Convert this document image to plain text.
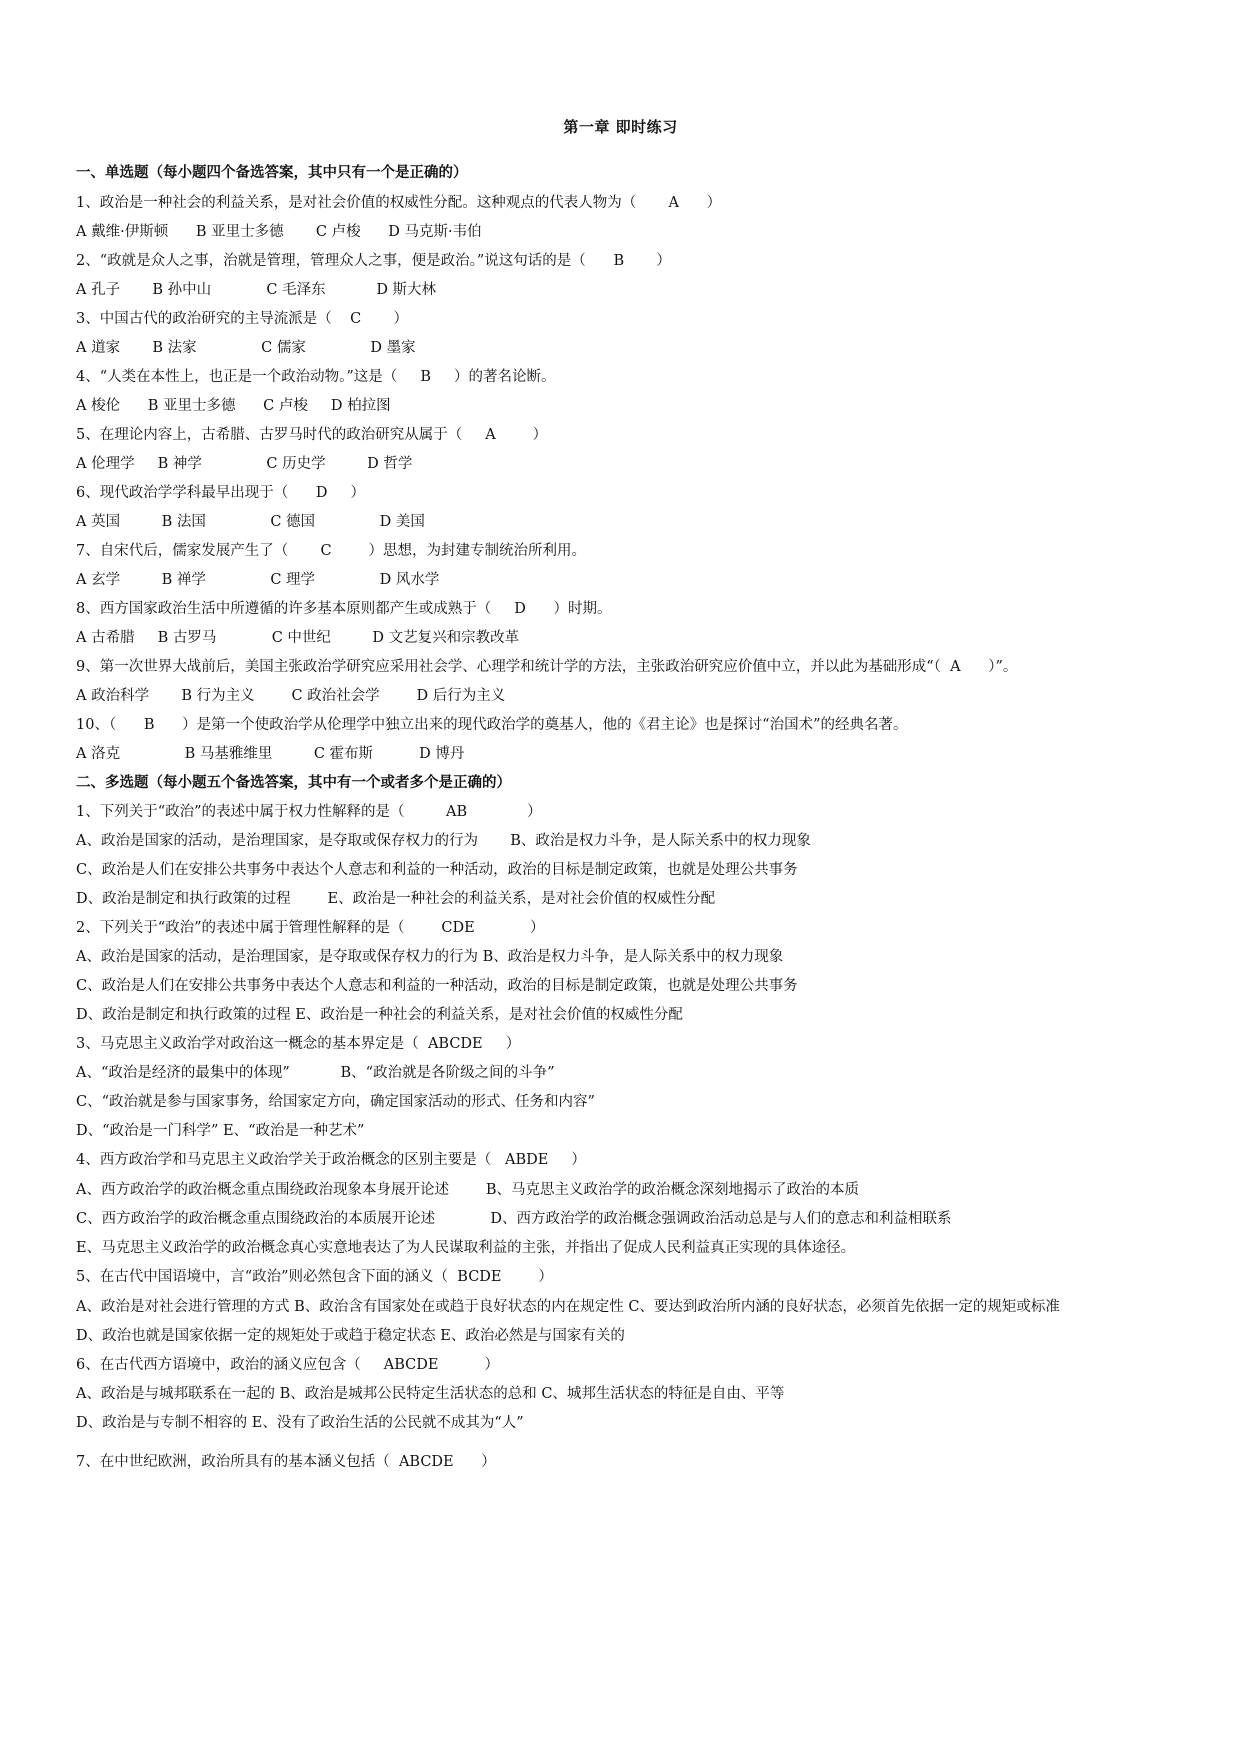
第一章 即时练习
一、单选题（每小题四个备选答案，其中只有一个是正确的）
1、政治是一种社会的利益关系，是对社会价值的权威性分配。这种观点的代表人物为（       A      ）
A 戴维·伊斯顿      B 亚里士多德       C 卢梭      D 马克斯·韦伯
2、“政就是众人之事，治就是管理，管理众人之事，便是政治。”说这句话的是（      B       ）
A 孔子       B 孙中山            C 毛泽东           D 斯大林
3、中国古代的政治研究的主导流派是（    C       ）
A 道家       B 法家              C 儒家              D 墨家
4、“人类在本性上，也正是一个政治动物。”这是（     B     ）的著名论断。
A 梭伦      B 亚里士多德      C 卢梭     D 柏拉图
5、在理论内容上，古希腊、古罗马时代的政治研究从属于（     A        ）
A 伦理学     B 神学              C 历史学         D 哲学
6、现代政治学学科最早出现于（      D     ）
A 英国         B 法国              C 德国              D 美国
7、自宋代后，儒家发展产生了（       C        ）思想，为封建专制统治所利用。
A 玄学         B 禅学              C 理学              D 风水学
8、西方国家政治生活中所遵循的许多基本原则都产生或成熟于（     D      ）时期。
A 古希腊     B 古罗马            C 中世纪         D 文艺复兴和宗教改革
9、第一次世界大战前后，美国主张政治学研究应采用社会学、心理学和统计学的方法，主张政治研究应价值中立，并以此为基础形成“（  A      ）”。
A 政治科学       B 行为主义        C 政治社会学        D 后行为主义
10、（      B      ）是第一个使政治学从伦理学中独立出来的现代政治学的奠基人，他的《君主论》也是探讨“治国术”的经典名著。
A 洛克              B 马基雅维里         C 霍布斯          D 博丹
二、多选题（每小题五个备选答案，其中有一个或者多个是正确的）
1、下列关于“政治”的表述中属于权力性解释的是（         AB             ）
A、政治是国家的活动，是治理国家，是夺取或保存权力的行为       B、政治是权力斗争，是人际关系中的权力现象
C、政治是人们在安排公共事务中表达个人意志和利益的一种活动，政治的目标是制定政策，也就是处理公共事务
D、政治是制定和执行政策的过程        E、政治是一种社会的利益关系，是对社会价值的权威性分配
2、下列关于“政治”的表述中属于管理性解释的是（        CDE            ）
A、政治是国家的活动，是治理国家，是夺取或保存权力的行为 B、政治是权力斗争，是人际关系中的权力现象
C、政治是人们在安排公共事务中表达个人意志和利益的一种活动，政治的目标是制定政策，也就是处理公共事务
D、政治是制定和执行政策的过程 E、政治是一种社会的利益关系，是对社会价值的权威性分配
3、马克思主义政治学对政治这一概念的基本界定是（  ABCDE     ）
A、“政治是经济的最集中的体现”           B、“政治就是各阶级之间的斗争”
C、“政治就是参与国家事务，给国家定方向，确定国家活动的形式、任务和内容”
D、“政治是一门科学” E、“政治是一种艺术”
4、西方政治学和马克思主义政治学关于政治概念的区别主要是（   ABDE     ）
A、西方政治学的政治概念重点围绕政治现象本身展开论述        B、马克思主义政治学的政治概念深刻地揭示了政治的本质
C、西方政治学的政治概念重点围绕政治的本质展开论述            D、西方政治学的政治概念强调政治活动总是与人们的意志和利益相联系
E、马克思主义政治学的政治概念真心实意地表达了为人民谋取利益的主张，并指出了促成人民利益真正实现的具体途径。
5、在古代中国语境中，言“政治”则必然包含下面的涵义（  BCDE        ）
A、政治是对社会进行管理的方式 B、政治含有国家处在或趋于良好状态的内在规定性 C、要达到政治所内涵的良好状态，必须首先依据一定的规矩或标准
D、政治也就是国家依据一定的规矩处于或趋于稳定状态 E、政治必然是与国家有关的
6、在古代西方语境中，政治的涵义应包含（     ABCDE          ）
A、政治是与城邦联系在一起的 B、政治是城邦公民特定生活状态的总和 C、城邦生活状态的特征是自由、平等
D、政治是与专制不相容的 E、没有了政治生活的公民就不成其为“人”
7、在中世纪欧洲，政治所具有的基本涵义包括（  ABCDE      ）
